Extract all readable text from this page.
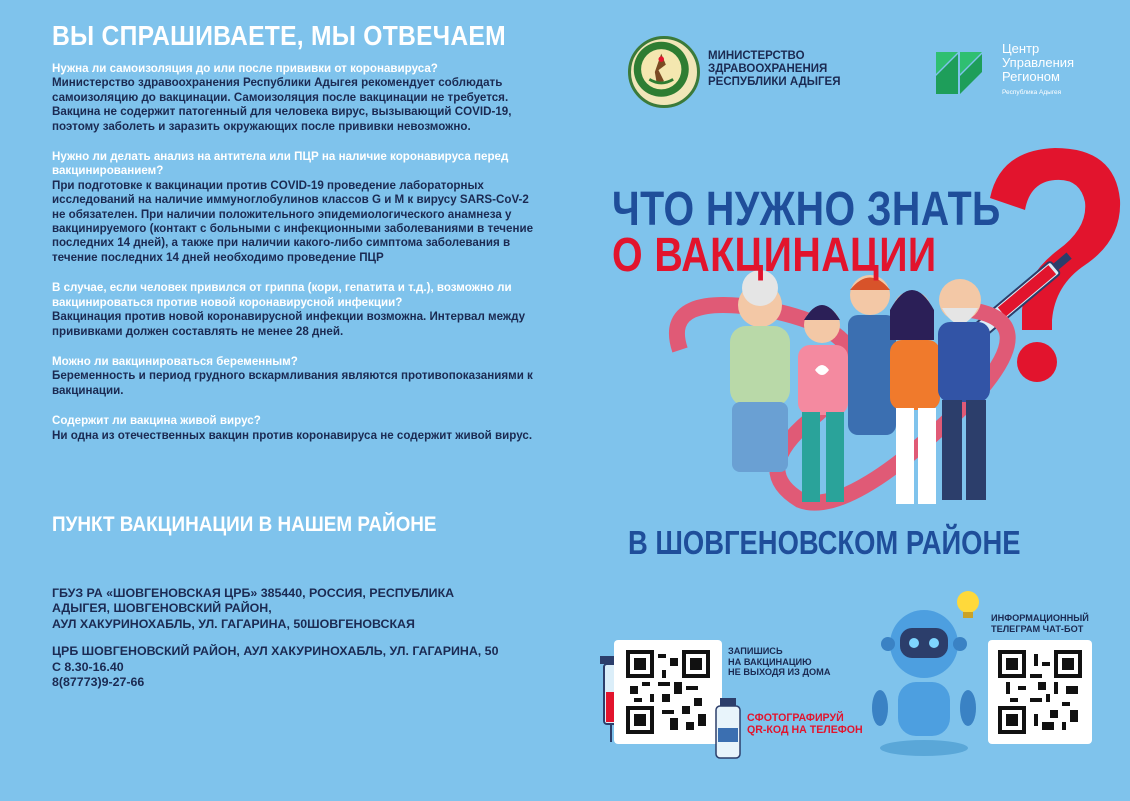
ВЫ СПРАШИВАЕТЕ, МЫ ОТВЕЧАЕМ
Нужна ли самоизоляция до или после прививки от коронавируса?
Министерство здравоохранения Республики Адыгея рекомендует соблюдать самоизоляцию до вакцинации. Самоизоляция после вакцинации не требуется. Вакцина не содержит патогенный для человека вирус, вызывающий COVID-19, поэтому заболеть и заразить окружающих после прививки невозможно.
Нужно ли делать анализ на антитела или ПЦР на наличие коронавируса перед вакцинированием?
При подготовке к вакцинации против COVID-19 проведение лабораторных исследований на наличие иммуноглобулинов классов G и M к вирусу SARS-CoV-2 не обязателен. При наличии положительного эпидемиологического анамнеза у вакцинируемого (контакт с больными с инфекционными заболеваниями в течение последних 14 дней), а также при наличии какого-либо симптома заболевания в течение последних 14 дней необходимо проведение ПЦР
В случае, если человек привился от гриппа (кори, гепатита и т.д.), возможно ли вакцинироваться против новой коронавирусной инфекции?
Вакцинация против новой коронавирусной инфекции возможна. Интервал между прививками должен составлять не менее 28 дней.
Можно ли вакцинироваться беременным?
Беременность и период грудного вскармливания являются противопоказаниями к вакцинации.
Содержит ли вакцина живой вирус?
Ни одна из отечественных вакцин против коронавируса не содержит живой вирус.
ПУНКТ ВАКЦИНАЦИИ В НАШЕМ РАЙОНЕ
ГБУЗ РА «ШОВГЕНОВСКАЯ ЦРБ» 385440, РОССИЯ, РЕСПУБЛИКА
АДЫГЕЯ, ШОВГЕНОВСКИЙ РАЙОН,
АУЛ ХАКУРИНОХАБЛЬ, УЛ. ГАГАРИНА, 50ШОВГЕНОВСКАЯ
ЦРБ ШОВГЕНОВСКИЙ РАЙОН, АУЛ ХАКУРИНОХАБЛЬ, УЛ. ГАГАРИНА, 50
С 8.30-16.40
8(87773)9-27-66
МИНИСТЕРСТВО
ЗДРАВООХРАНЕНИЯ
РЕСПУБЛИКИ АДЫГЕЯ
Центр
Управления
Регионом
Республика Адыгея
ЧТО НУЖНО ЗНАТЬ
О ВАКЦИНАЦИИ
В ШОВГЕНОВСКОМ РАЙОНЕ
ЗАПИШИСЬ
НА ВАКЦИНАЦИЮ
НЕ ВЫХОДЯ ИЗ ДОМА
СФОТОГРАФИРУЙ
QR-КОД НА ТЕЛЕФОН
ИНФОРМАЦИОННЫЙ
ТЕЛЕГРАМ ЧАТ-БОТ
